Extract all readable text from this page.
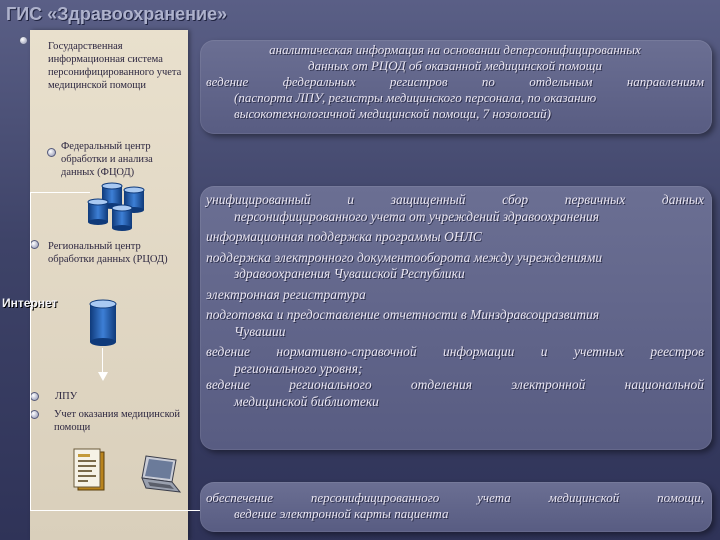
ГИС «Здравоохранение»

Государственная информационная система персонифицированного учета медицинской помощи

Федеральный центр обработки и анализа данных (ФЦОД)

Региональный центр обработки данных (РЦОД)

ЛПУ

Учет оказания медицинской помощи

Интернет

аналитическая информация на основании деперсонифицированных

данных от РЦОД об оказанной медицинской помощи

ведение федеральных регистров по отдельным направлениям

(паспорта ЛПУ, регистры медицинского персонала, по оказанию

высокотехнологичной медицинской помощи, 7 нозологий)

унифицированный и защищенный сбор первичных данных

персонифицированного учета от учреждений здравоохранения

информационная поддержка программы ОНЛС

поддержка электронного документооборота между учреждениями

здравоохранения Чувашской Республики

электронная регистратура

подготовка и предоставление отчетности в Минздравсоцразвития

Чувашии

ведение нормативно-справочной информации и учетных реестров

регионального уровня;

ведение регионального отделения электронной национальной

медицинской библиотеки

обеспечение персонифицированного учета медицинской помощи,

ведение электронной карты пациента
